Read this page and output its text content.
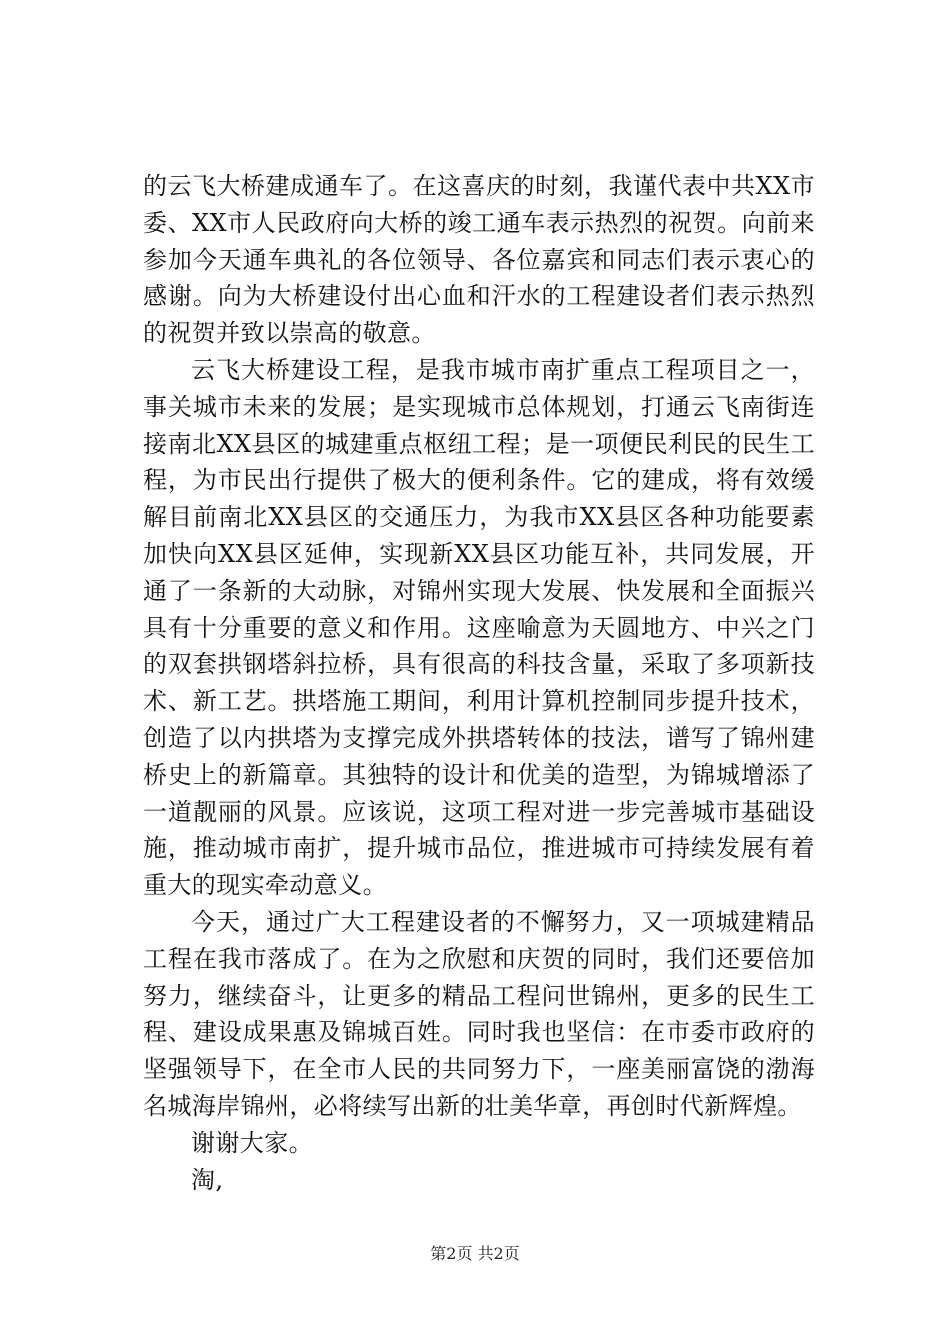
的云飞大桥建成通车了。在这喜庆的时刻，我谨代表中共XX市委、XX市人民政府向大桥的竣工通车表示热烈的祝贺。向前来参加今天通车典礼的各位领导、各位嘉宾和同志们表示衷心的感谢。向为大桥建设付出心血和汗水的工程建设者们表示热烈的祝贺并致以崇高的敬意。

云飞大桥建设工程，是我市城市南扩重点工程项目之一，事关城市未来的发展；是实现城市总体规划，打通云飞南街连接南北XX县区的城建重点枢纽工程；是一项便民利民的民生工程，为市民出行提供了极大的便利条件。它的建成，将有效缓解目前南北XX县区的交通压力，为我市XX县区各种功能要素加快向XX县区延伸，实现新XX县区功能互补，共同发展，开通了一条新的大动脉，对锦州实现大发展、快发展和全面振兴具有十分重要的意义和作用。这座喻意为天圆地方、中兴之门的双套拱钢塔斜拉桥，具有很高的科技含量，采取了多项新技术、新工艺。拱塔施工期间，利用计算机控制同步提升技术，创造了以内拱塔为支撑完成外拱塔转体的技法，谱写了锦州建桥史上的新篇章。其独特的设计和优美的造型，为锦城增添了一道靓丽的风景。应该说，这项工程对进一步完善城市基础设施，推动城市南扩，提升城市品位，推进城市可持续发展有着重大的现实牵动意义。

今天，通过广大工程建设者的不懈努力，又一项城建精品工程在我市落成了。在为之欣慰和庆贺的同时，我们还要倍加努力，继续奋斗，让更多的精品工程问世锦州，更多的民生工程、建设成果惠及锦城百姓。同时我也坚信：在市委市政府的坚强领导下，在全市人民的共同努力下，一座美丽富饶的渤海名城海岸锦州，必将续写出新的壮美华章，再创时代新辉煌。

谢谢大家。

淘,

第2页 共2页
